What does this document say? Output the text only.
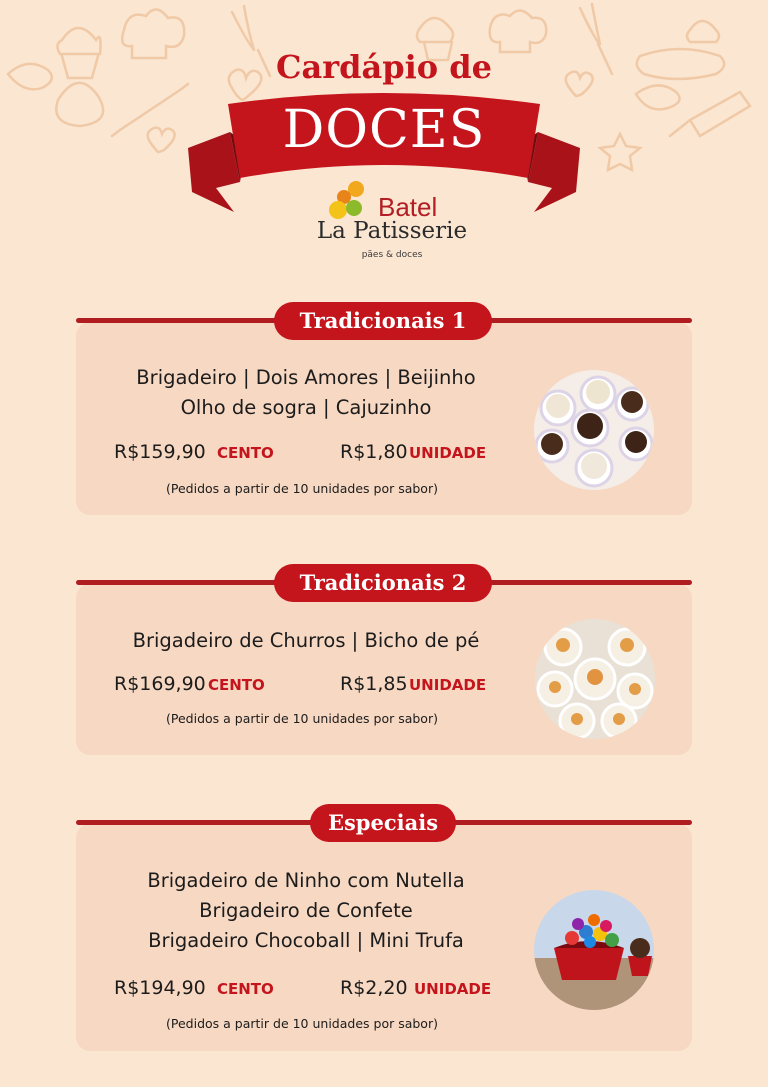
Cardápio de
DOCES
Batel
La Patisserie
pães & doces
Tradicionais 1
Brigadeiro | Dois Amores | Beijinho
Olho de sogra | Cajuzinho
R$159,90 CENTO	R$1,80 UNIDADE
(Pedidos a partir de 10 unidades por sabor)
Tradicionais 2
Brigadeiro de Churros | Bicho de pé
R$169,90 CENTO	R$1,85 UNIDADE
(Pedidos a partir de 10 unidades por sabor)
Especiais
Brigadeiro de Ninho com Nutella
Brigadeiro de Confete
Brigadeiro Chocoball | Mini Trufa
R$194,90 CENTO	R$2,20 UNIDADE
(Pedidos a partir de 10 unidades por sabor)
